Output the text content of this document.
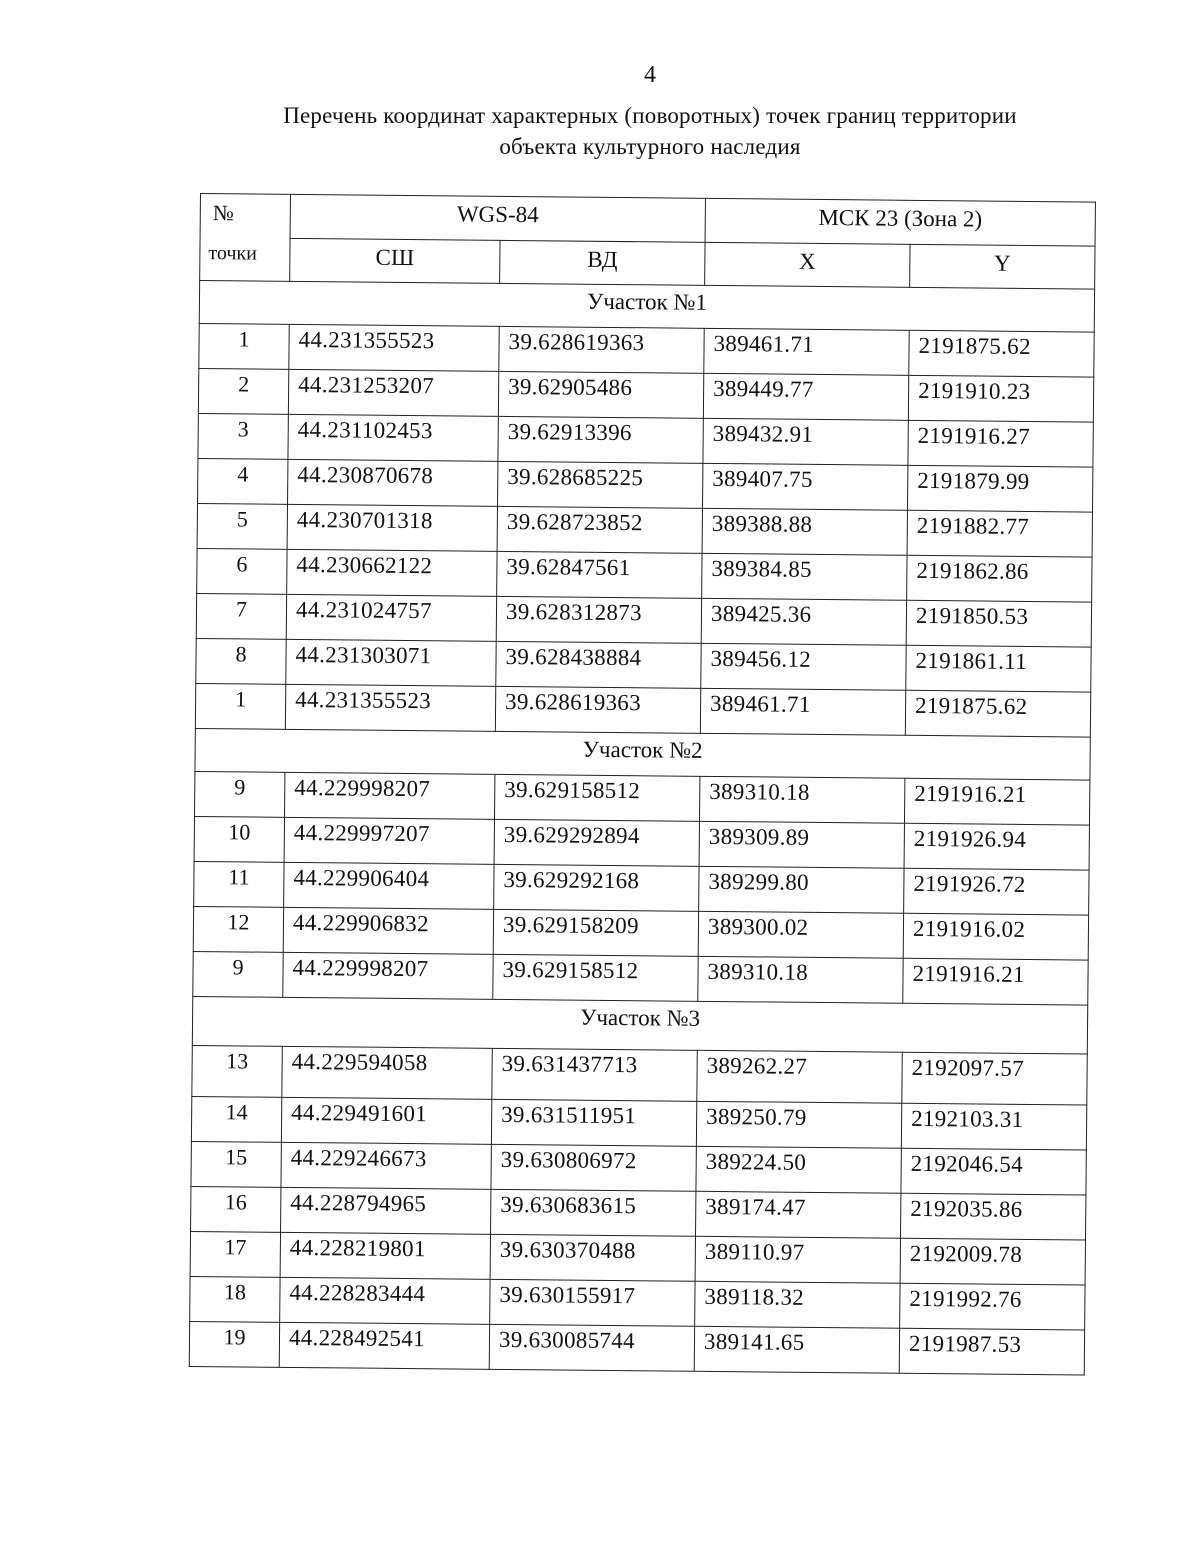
4
Перечень координат характерных (поворотных) точек границ территории
объекта культурного наследия
№
точки	WGS-84		МСК 23 (Зона 2)	
	СШ	ВД	X	Y
Участок №1				
1	44.231355523	39.628619363	389461.71	2191875.62
2	44.231253207	39.62905486	389449.77	2191910.23
3	44.231102453	39.62913396	389432.91	2191916.27
4	44.230870678	39.628685225	389407.75	2191879.99
5	44.230701318	39.628723852	389388.88	2191882.77
6	44.230662122	39.62847561	389384.85	2191862.86
7	44.231024757	39.628312873	389425.36	2191850.53
8	44.231303071	39.628438884	389456.12	2191861.11
1	44.231355523	39.628619363	389461.71	2191875.62
Участок №2				
9	44.229998207	39.629158512	389310.18	2191916.21
10	44.229997207	39.629292894	389309.89	2191926.94
11	44.229906404	39.629292168	389299.80	2191926.72
12	44.229906832	39.629158209	389300.02	2191916.02
9	44.229998207	39.629158512	389310.18	2191916.21
Участок №3				
13	44.229594058	39.631437713	389262.27	2192097.57
14	44.229491601	39.631511951	389250.79	2192103.31
15	44.229246673	39.630806972	389224.50	2192046.54
16	44.228794965	39.630683615	389174.47	2192035.86
17	44.228219801	39.630370488	389110.97	2192009.78
18	44.228283444	39.630155917	389118.32	2191992.76
19	44.228492541	39.630085744	389141.65	2191987.53
